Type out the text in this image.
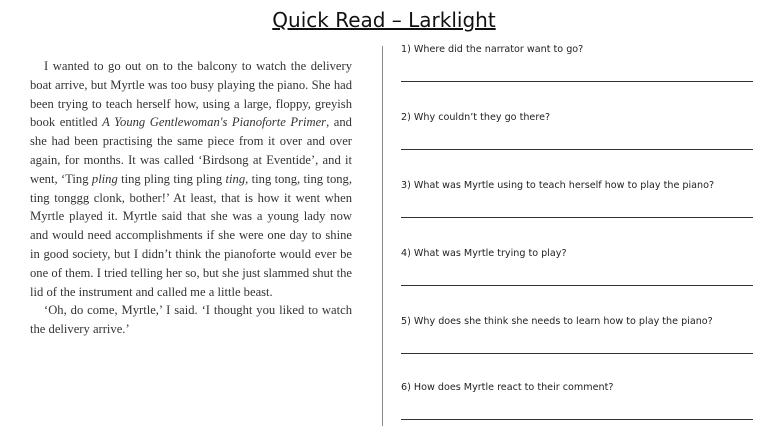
Quick Read – Larklight

I wanted to go out on to the balcony to watch the delivery boat arrive, but Myrtle was too busy playing the piano. She had been trying to teach herself how, using a large, floppy, greyish book entitled A Young Gentlewoman's Pianoforte Primer, and she had been practising the same piece from it over and over again, for months. It was called ‘Birdsong at Eventide’, and it went, ‘Ting pling ting pling ting pling ting, ting tong, ting tong, ting tonggg clonk, bother!’ At least, that is how it went when Myrtle played it. Myrtle said that she was a young lady now and would need accomplishments if she were one day to shine in good society, but I didn’t think the pianoforte would ever be one of them. I tried telling her so, but she just slammed shut the lid of the instrument and called me a little beast.

‘Oh, do come, Myrtle,’ I said. ‘I thought you liked to watch the delivery arrive.’

1) Where did the narrator want to go?
2) Why couldn’t they go there?
3) What was Myrtle using to teach herself how to play the piano?
4) What was Myrtle trying to play?
5) Why does she think she needs to learn how to play the piano?
6) How does Myrtle react to their comment?
